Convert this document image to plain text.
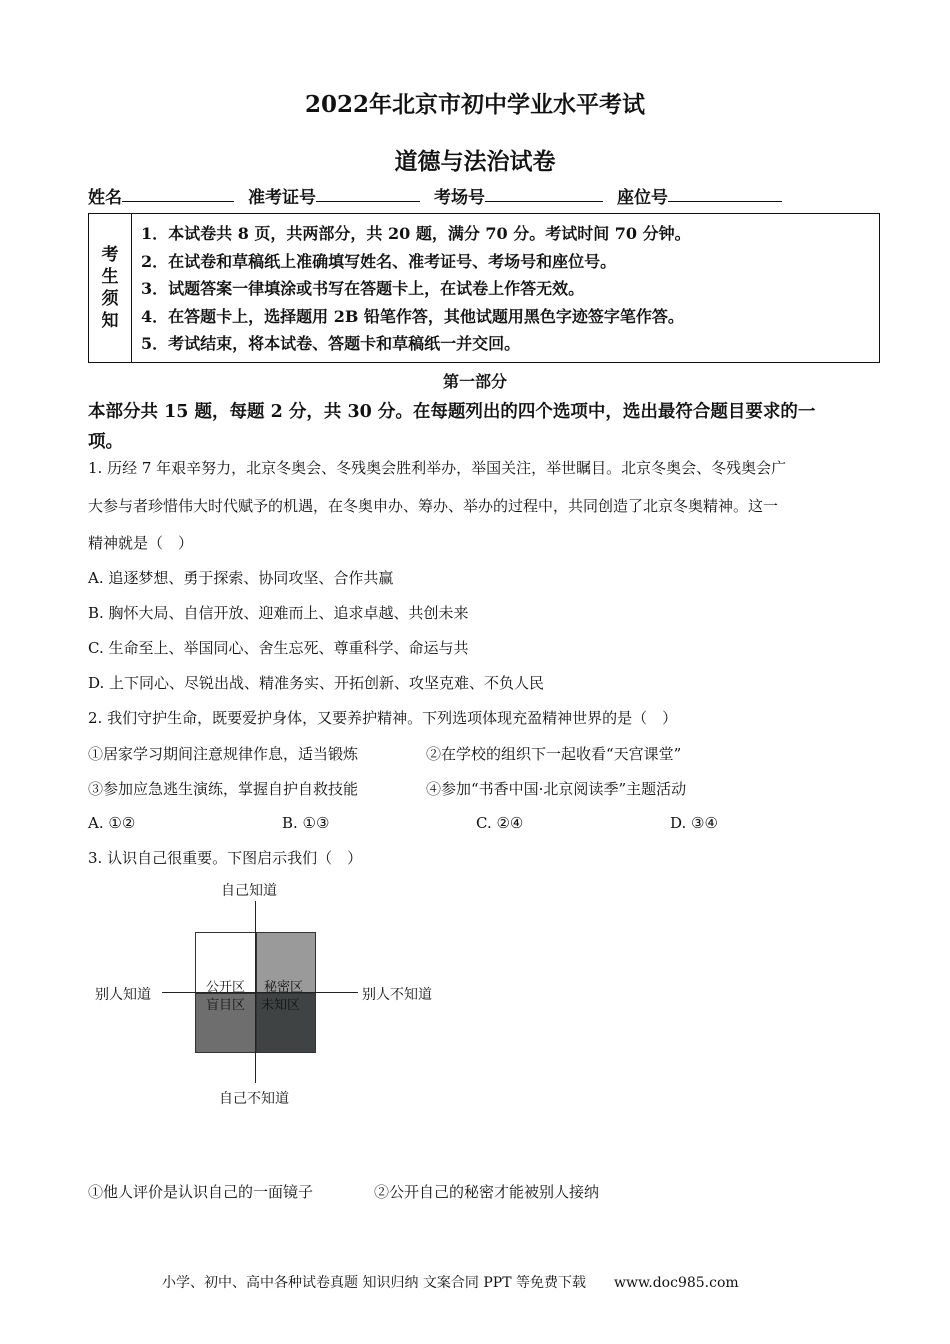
2022年北京市初中学业水平考试
道德与法治试卷
姓名	准考证号	考场号	座位号
考
生
须
知
1．本试卷共 8 页，共两部分，共 20 题，满分 70 分。考试时间 70 分钟。
2．在试卷和草稿纸上准确填写姓名、准考证号、考场号和座位号。
3．试题答案一律填涂或书写在答题卡上，在试卷上作答无效。
4．在答题卡上，选择题用 2B 铅笔作答，其他试题用黑色字迹签字笔作答。
5．考试结束，将本试卷、答题卡和草稿纸一并交回。
第一部分
本部分共 15 题，每题 2 分，共 30 分。在每题列出的四个选项中，选出最符合题目要求的一
项。
1. 历经 7 年艰辛努力，北京冬奥会、冬残奥会胜利举办，举国关注，举世瞩目。北京冬奥会、冬残奥会广
大参与者珍惜伟大时代赋予的机遇，在冬奥申办、筹办、举办的过程中，共同创造了北京冬奥精神。这一
精神就是（　）
A. 追逐梦想、勇于探索、协同攻坚、合作共赢
B. 胸怀大局、自信开放、迎难而上、追求卓越、共创未来
C. 生命至上、举国同心、舍生忘死、尊重科学、命运与共
D. 上下同心、尽锐出战、精准务实、开拓创新、攻坚克难、不负人民
2. 我们守护生命，既要爱护身体，又要养护精神。下列选项体现充盈精神世界的是（　）
①居家学习期间注意规律作息，适当锻炼	②在学校的组织下一起收看“天宫课堂”
③参加应急逃生演练，掌握自护自救技能	④参加“书香中国·北京阅读季”主题活动
A. ①②	B. ①③	C. ②④	D. ③④
3. 认识自己很重要。下图启示我们（　）
自己知道
自己不知道
别人知道	别人不知道
公开区 秘密区
盲目区 未知区
①他人评价是认识自己的一面镜子	②公开自己的秘密才能被别人接纳
小学、初中、高中各种试卷真题 知识归纳 文案合同 PPT 等免费下载　　www.doc985.com
